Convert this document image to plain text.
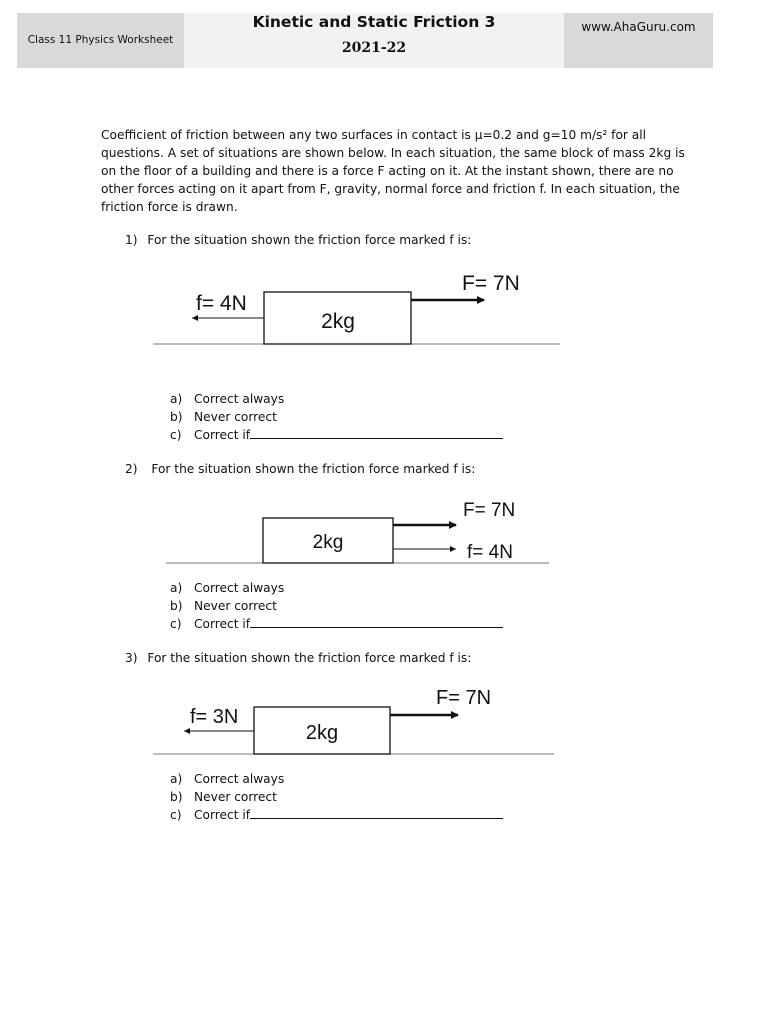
Class 11 Physics Worksheet
Kinetic and Static Friction 3
2021-22
www.AhaGuru.com

Coefficient of friction between any two surfaces in contact is μ=0.2 and g=10 m/s² for all questions. A set of situations are shown below. In each situation, the same block of mass 2kg is on the floor of a building and there is a force F acting on it. At the instant shown, there are no other forces acting on it apart from F, gravity, normal force and friction f. In each situation, the friction force is drawn.

1) For the situation shown the friction force marked f is:
2kg
F= 7N
f= 4N
2kg
F= 7N
f= 4N
2kg
F= 7N
f= 3N
a) Correct always
b) Never correct
c) Correct if
2) For the situation shown the friction force marked f is:
a) Correct always
b) Never correct
c) Correct if
3) For the situation shown the friction force marked f is:
a) Correct always
b) Never correct
c) Correct if
